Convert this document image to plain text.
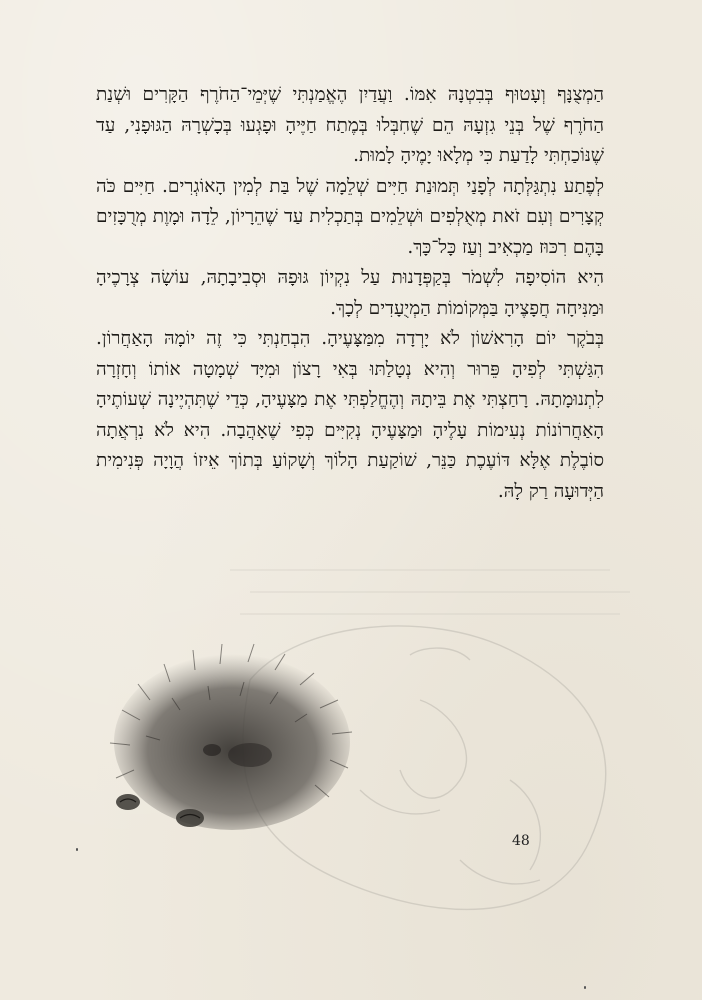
הַמְצֻנָּף וְעָטוּף בְּבִטְנָהּ אִמּוֹ. וַעֲדַיִן הֶאֱמַנְתִּי שֶׁיְּמֵי־הַחֹרֶף הַקָּרִים וּשְׁנַת הַחֹרֶף שֶׁל בְּנֵי גִזְעָהּ הֵם שֶׁחִבְּלוּ בְּמֶתַח חַיֶּיהָ וּפָגְעוּ בְּכָשְׁרָהּ הַגּוּפָנִי, עַד שֶׁנּוֹכַחְתִּי לָדַעַת כִּי מְלָאוּ יָמֶיהָ לָמוּת.

לְפֶתַע נִתְגַּלְּתָה לְפָנַי תְּמוּנַת חַיִּים שְׁלֵמָה שֶׁל בַּת לְמִין הָאוֹגְרִים. חַיִּים כֹּה קְצָרִים וְעִם זֹאת מְאֻלְפִים וּשְׁלֵמִים בְּתַכְלִית עַד שֶׁהֵרָיוֹן, לֵדָה וּמָוֶת מְרֻכָּזִים בָּהֶם רִכּוּז מַכְאִיב וְעַז כָּל־כָּךְ.

הִיא הוֹסִיפָה לִשְׁמֹר בְּקַפְּדָנוּת עַל נִקְיוֹן גּוּפָהּ וּסְבִיבָתָהּ, עוֹשָׂה צְרָכֶיהָ וּמַנִּיחָה חֲפָצֶיהָ בַּמְּקוֹמוֹת הַמְיֻעָדִים לְכָךְ.

בְּבֹקֶר יוֹם הָרִאשׁוֹן לֹא יָרְדָה מִמַּצָּעֶיהָ. הִבְחַנְתִּי כִּי זֶה יוֹמָהּ הָאַחֲרוֹן. הִגַּשְׁתִּי לְפִיהָ פֵּרוּר וְהִיא נְטָלַתּוּ בְּאִי רָצוֹן וּמִיָּד שְׁמָטָה אוֹתוֹ וְחָזְרָה לִתְנוּמָתָהּ. רָחַצְתִּי אֶת בֵּיתָהּ וְהֶחֱלַפְתִּי אֶת מַצָּעֶיהָ, כְּדֵי שֶׁתִּהְיֶינָה שְׁעוֹתֶיהָ הָאַחֲרוֹנוֹת נְעִימוֹת עָלֶיהָ וּמַצָּעֶיהָ נְקִיִּים כְּפִי שֶׁאָהֲבָה. הִיא לֹא נִרְאֲתָה סוֹבֶלֶת אֶלָּא דּוֹעֶכֶת כַּנֵּר, שׁוֹקַעַת הָלוֹךְ וְשָׁקוֹעַ בְּתוֹךְ אֵיזוֹ הֲוָיָה פְּנִימִית הַיְּדוּעָה רַק לָהּ.

48
